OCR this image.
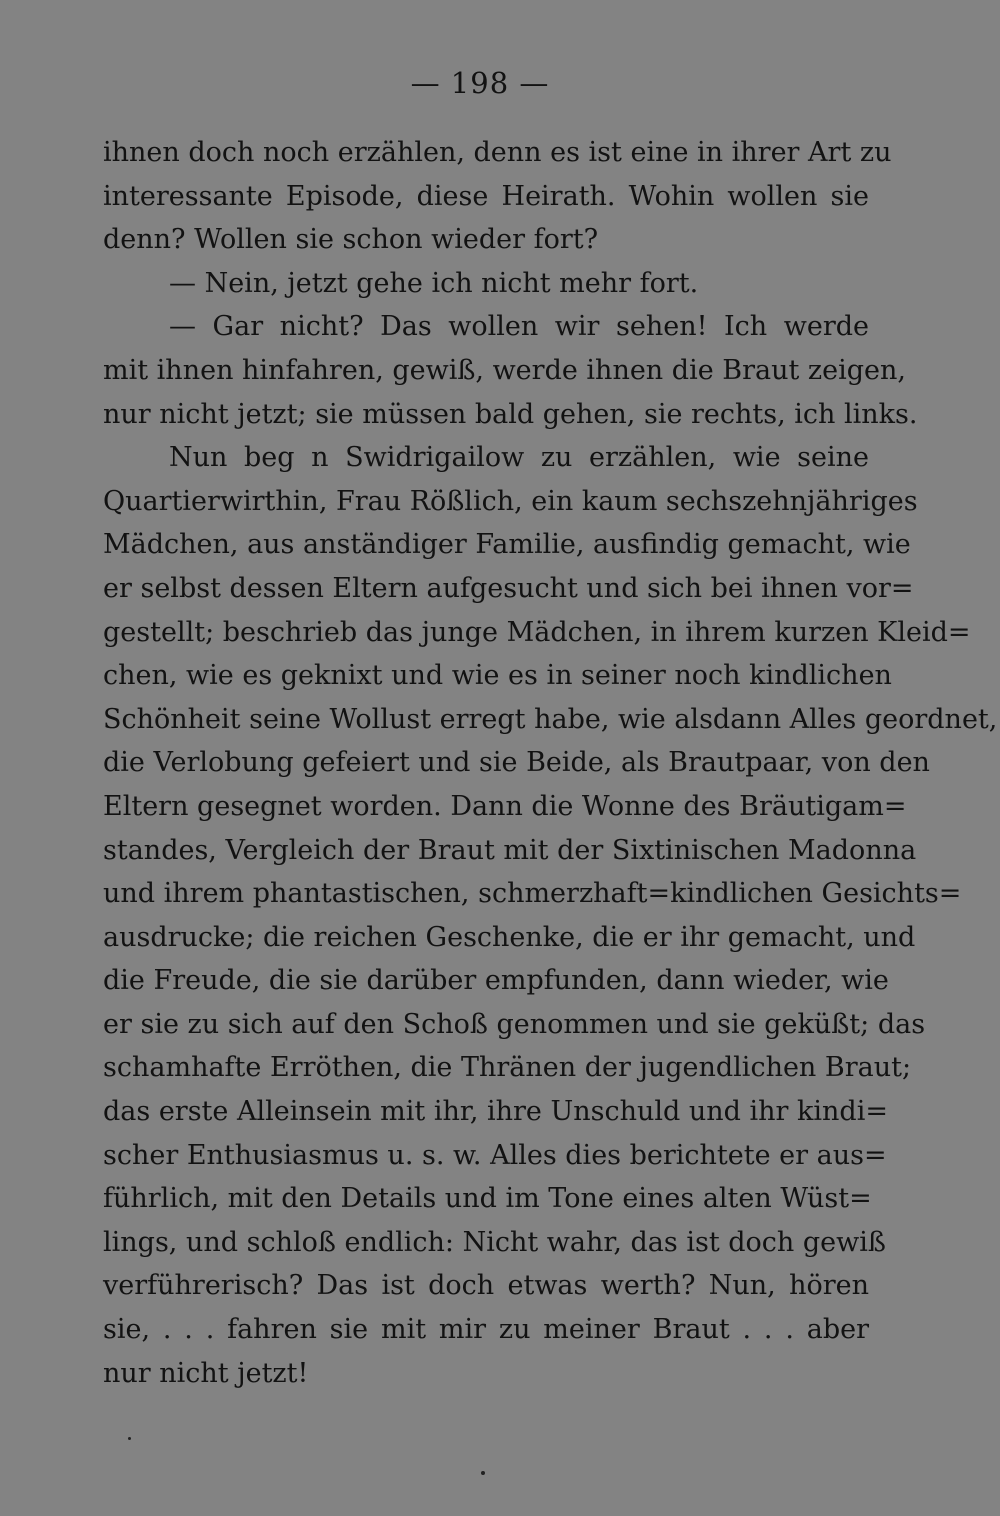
— 198 —
ihnen doch noch erzählen, denn es ist eine in ihrer Art zu
interessante Episode, diese Heirath. Wohin wollen sie
denn? Wollen sie schon wieder fort?
— Nein, jetzt gehe ich nicht mehr fort.
— Gar nicht? Das wollen wir sehen! Ich werde
mit ihnen hinfahren, gewiß, werde ihnen die Braut zeigen,
nur nicht jetzt; sie müssen bald gehen, sie rechts, ich links.
Nun beg n Swidrigailow zu erzählen, wie seine
Quartierwirthin, Frau Rößlich, ein kaum sechszehnjähriges
Mädchen, aus anständiger Familie, ausfindig gemacht, wie
er selbst dessen Eltern aufgesucht und sich bei ihnen vor=
gestellt; beschrieb das junge Mädchen, in ihrem kurzen Kleid=
chen, wie es geknixt und wie es in seiner noch kindlichen
Schönheit seine Wollust erregt habe, wie alsdann Alles geordnet,
die Verlobung gefeiert und sie Beide, als Brautpaar, von den
Eltern gesegnet worden. Dann die Wonne des Bräutigam=
standes, Vergleich der Braut mit der Sixtinischen Madonna
und ihrem phantastischen, schmerzhaft=kindlichen Gesichts=
ausdrucke; die reichen Geschenke, die er ihr gemacht, und
die Freude, die sie darüber empfunden, dann wieder, wie
er sie zu sich auf den Schoß genommen und sie geküßt; das
schamhafte Erröthen, die Thränen der jugendlichen Braut;
das erste Alleinsein mit ihr, ihre Unschuld und ihr kindi=
scher Enthusiasmus u. s. w. Alles dies berichtete er aus=
führlich, mit den Details und im Tone eines alten Wüst=
lings, und schloß endlich: Nicht wahr, das ist doch gewiß
verführerisch? Das ist doch etwas werth? Nun, hören
sie, . . . fahren sie mit mir zu meiner Braut . . . aber
nur nicht jetzt!
